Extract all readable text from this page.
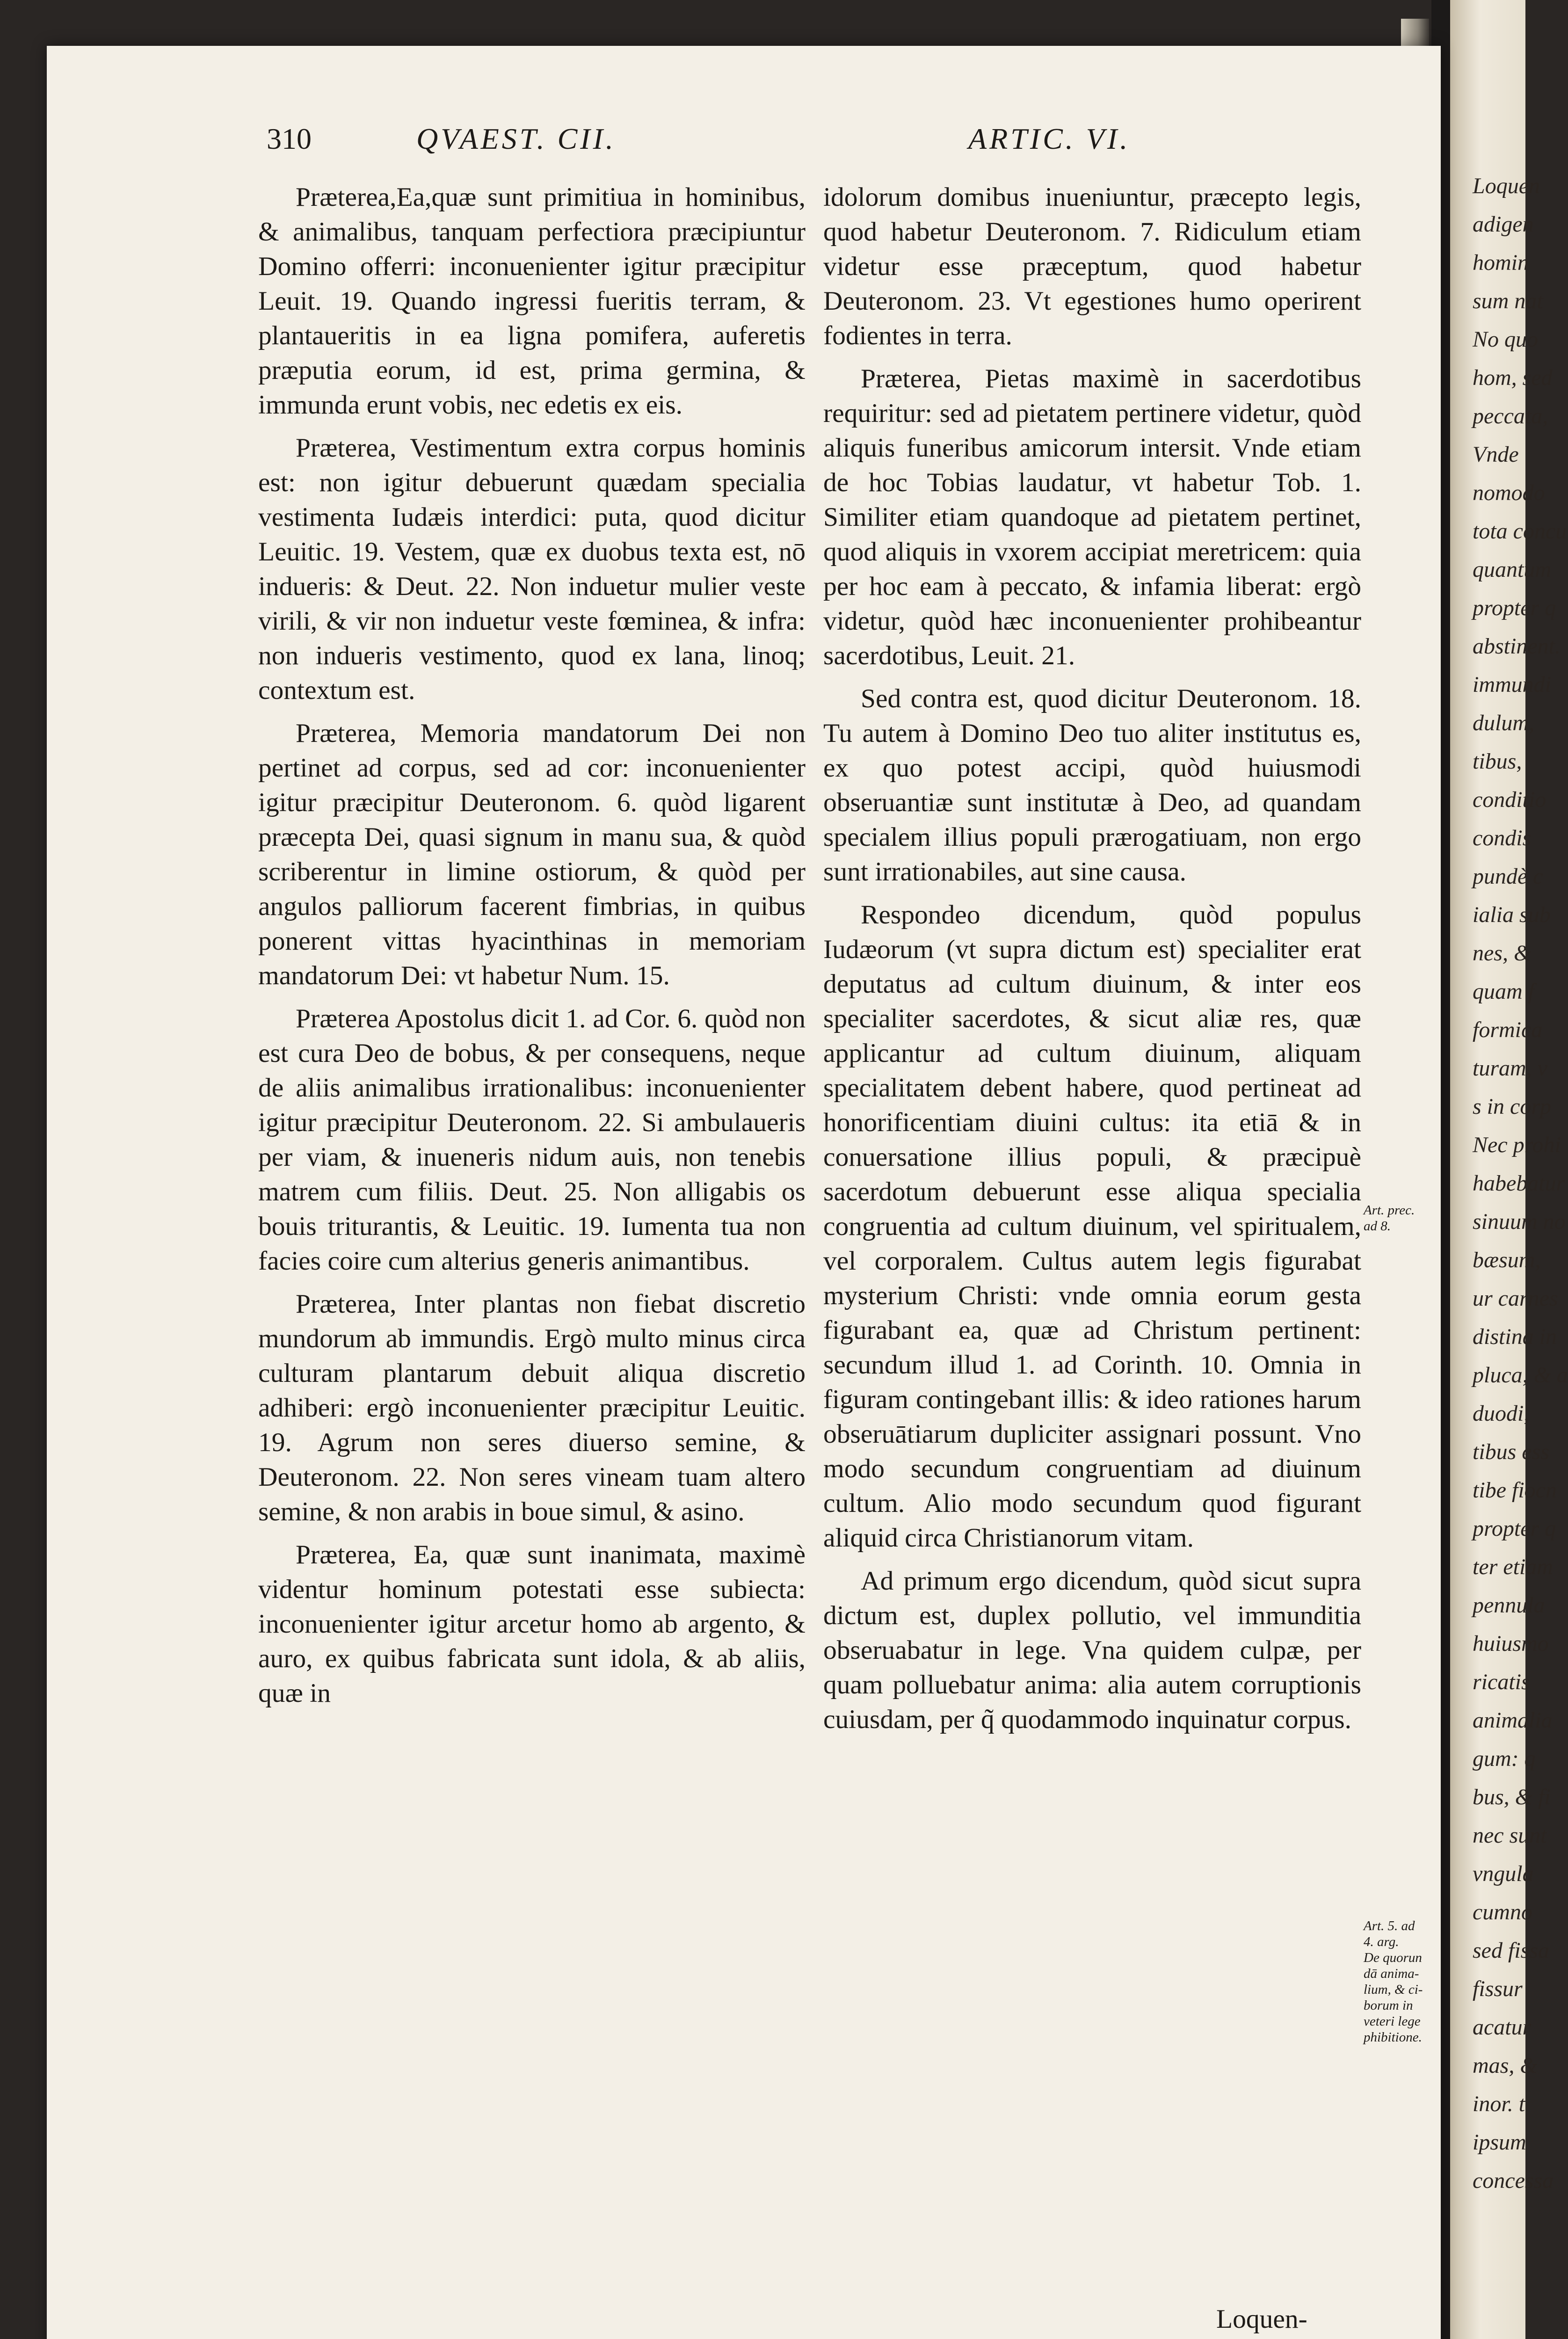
Loquen
adigen
homin
sum nat
No quo
hom, sed
peccata,
Vnde
nomodo
tota concu
quantum
propter q
abstinent.
immundi
dulum,
tibus,
conditio
condis
pundè c
ialia sub
nes, &
quam f
formica
turam, v
s in corp
Nec prohi
habebatur
sinuum no
bæsum,
ur carnes
distina in
pluca, & a
duodi,
tibus ess
tibe fiocn
propter q
ter etiam
pennula
huiusmo
ricatis
animalia
gum: q
bus, & fi
nec sunt
vngula
cumno
sed fissa
fissur
acatur
mas, &
inor. t
ipsum
concessa
310	QVAEST. CII.	ARTIC. VI.

Præterea,Ea,quæ sunt primitiua in hominibus, & animalibus, tanquam perfectiora præcipiuntur Domino offerri: inconuenienter igitur præcipitur Leuit. 19. Quando ingressi fueritis terram, & plantaueritis in ea ligna pomifera, auferetis præputia eorum, id est, prima germina, & immunda erunt vobis, nec edetis ex eis.

Præterea, Vestimentum extra corpus hominis est: non igitur debuerunt quædam specialia vestimenta Iudæis interdici: puta, quod dicitur Leuitic. 19. Vestem, quæ ex duobus texta est, nō indueris: & Deut. 22. Non induetur mulier veste virili, & vir non induetur veste fœminea, & infra: non indueris vestimento, quod ex lana, linoq; contextum est.

Præterea, Memoria mandatorum Dei non pertinet ad corpus, sed ad cor: inconuenienter igitur præcipitur Deuteronom. 6. quòd ligarent præcepta Dei, quasi signum in manu sua, & quòd scriberentur in limine ostiorum, & quòd per angulos palliorum facerent fimbrias, in quibus ponerent vittas hyacinthinas in memoriam mandatorum Dei: vt habetur Num. 15.

Præterea Apostolus dicit 1. ad Cor. 6. quòd non est cura Deo de bobus, & per consequens, neque de aliis animalibus irrationalibus: inconuenienter igitur præcipitur Deuteronom. 22. Si ambulaueris per viam, & inueneris nidum auis, non tenebis matrem cum filiis. Deut. 25. Non alligabis os bouis triturantis, & Leuitic. 19. Iumenta tua non facies coire cum alterius generis animantibus.

Præterea, Inter plantas non fiebat discretio mundorum ab immundis. Ergò multo minus circa culturam plantarum debuit aliqua discretio adhiberi: ergò inconuenienter præcipitur Leuitic. 19. Agrum non seres diuerso semine, & Deuteronom. 22. Non seres vineam tuam altero semine, & non arabis in boue simul, & asino.

Præterea, Ea, quæ sunt inanimata, maximè videntur hominum potestati esse subiecta: inconuenienter igitur arcetur homo ab argento, & auro, ex quibus fabricata sunt idola, & ab aliis, quæ in

idolorum domibus inueniuntur, præcepto legis, quod habetur Deuteronom. 7. Ridiculum etiam videtur esse præceptum, quod habetur Deuteronom. 23. Vt egestiones humo operirent fodientes in terra.

Præterea, Pietas maximè in sacerdotibus requiritur: sed ad pietatem pertinere videtur, quòd aliquis funeribus amicorum intersit. Vnde etiam de hoc Tobias laudatur, vt habetur Tob. 1. Similiter etiam quandoque ad pietatem pertinet, quod aliquis in vxorem accipiat meretricem: quia per hoc eam à peccato, & infamia liberat: ergò videtur, quòd hæc inconuenienter prohibeantur sacerdotibus, Leuit. 21.

Sed contra est, quod dicitur Deuteronom. 18. Tu autem à Domino Deo tuo aliter institutus es, ex quo potest accipi, quòd huiusmodi obseruantiæ sunt institutæ à Deo, ad quandam specialem illius populi prærogatiuam, non ergo sunt irrationabiles, aut sine causa.

Respondeo dicendum, quòd populus Iudæorum (vt supra dictum est) specialiter erat deputatus ad cultum diuinum, & inter eos specialiter sacerdotes, & sicut aliæ res, quæ applicantur ad cultum diuinum, aliquam specialitatem debent habere, quod pertineat ad honorificentiam diuini cultus: ita etiā & in conuersatione illius populi, & præcipuè sacerdotum debuerunt esse aliqua specialia congruentia ad cultum diuinum, vel spiritualem, vel corporalem. Cultus autem legis figurabat mysterium Christi: vnde omnia eorum gesta figurabant ea, quæ ad Christum pertinent: secundum illud 1. ad Corinth. 10. Omnia in figuram contingebant illis: & ideo rationes harum obseruātiarum dupliciter assignari possunt. Vno modo secundum congruentiam ad diuinum cultum. Alio modo secundum quod figurant aliquid circa Christianorum vitam.

Ad primum ergo dicendum, quòd sicut supra dictum est, duplex pollutio, vel immunditia obseruabatur in lege. Vna quidem culpæ, per quam polluebatur anima: alia autem corruptionis cuiusdam, per q̃ quodammodo inquinatur corpus.

Art. prec.
ad 8.
Art. 5. ad
4. arg.
De quorun
dā anima-
lium, & ci-
borum in
veteri lege
phibitione.
Loquen-
